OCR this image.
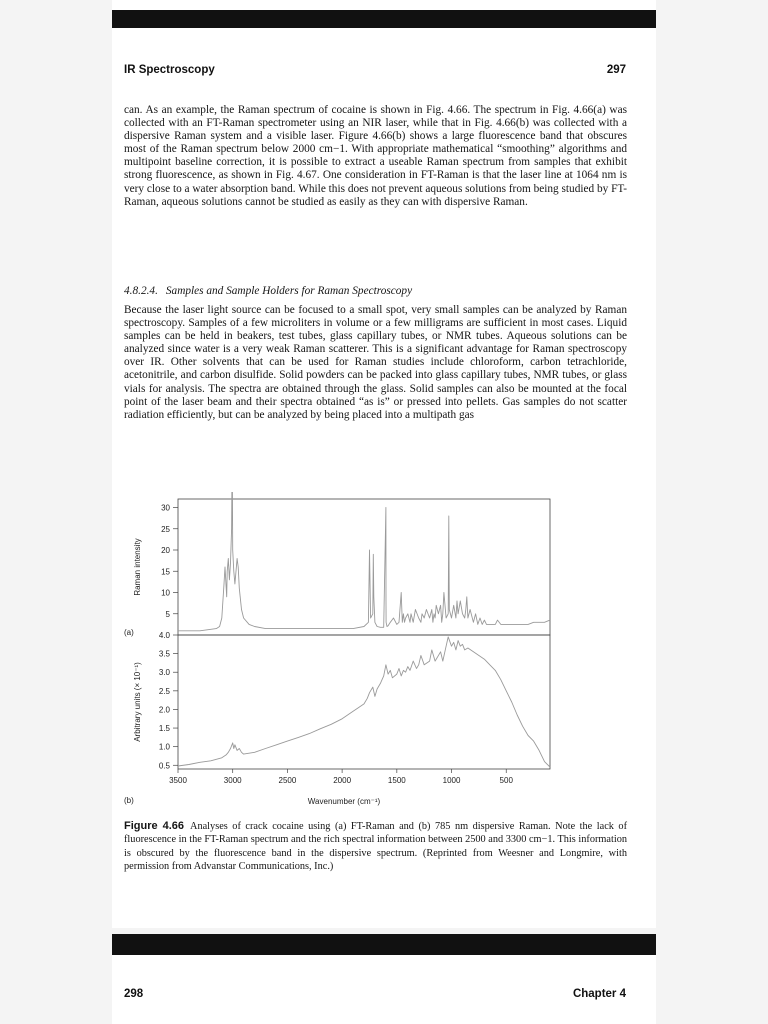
IR Spectroscopy	297

can. As an example, the Raman spectrum of cocaine is shown in Fig. 4.66. The spectrum in Fig. 4.66(a) was collected with an FT-Raman spectrometer using an NIR laser, while that in Fig. 4.66(b) was collected with a dispersive Raman system and a visible laser. Figure 4.66(b) shows a large fluorescence band that obscures most of the Raman spectrum below 2000 cm−1. With appropriate mathematical “smoothing” algorithms and multipoint baseline correction, it is possible to extract a useable Raman spectrum from samples that exhibit strong fluorescence, as shown in Fig. 4.67. One consideration in FT-Raman is that the laser line at 1064 nm is very close to a water absorption band. While this does not prevent aqueous solutions from being studied by FT-Raman, aqueous solutions cannot be studied as easily as they can with dispersive Raman.

4.8.2.4. Samples and Sample Holders for Raman Spectroscopy

Because the laser light source can be focused to a small spot, very small samples can be analyzed by Raman spectroscopy. Samples of a few microliters in volume or a few milligrams are sufficient in most cases. Liquid samples can be held in beakers, test tubes, glass capillary tubes, or NMR tubes. Aqueous solutions can be analyzed since water is a very weak Raman scatterer. This is a significant advantage for Raman spectroscopy over IR. Other solvents that can be used for Raman studies include chloroform, carbon tetrachloride, acetonitrile, and carbon disulfide. Solid powders can be packed into glass capillary tubes, NMR tubes, or glass vials for analysis. The spectra are obtained through the glass. Solid samples can also be mounted at the focal point of the laser beam and their spectra obtained “as is” or pressed into pellets. Gas samples do not scatter radiation efficiently, but can be analyzed by being placed into a multipath gas

5
10
15
20
25
30
Raman intensity
(a)
0.5
1.0
1.5
2.0
2.5
3.0
3.5
4.0
Arbitrary units (× 10⁻¹)
(b)
3500	3000	2500	2000	1500	1000	500
Wavenumber (cm⁻¹)

Figure 4.66 Analyses of crack cocaine using (a) FT-Raman and (b) 785 nm dispersive Raman. Note the lack of fluorescence in the FT-Raman spectrum and the rich spectral information between 2500 and 3300 cm−1. This information is obscured by the fluorescence band in the dispersive spectrum. (Reprinted from Weesner and Longmire, with permission from Advanstar Communications, Inc.)

298	Chapter 4
